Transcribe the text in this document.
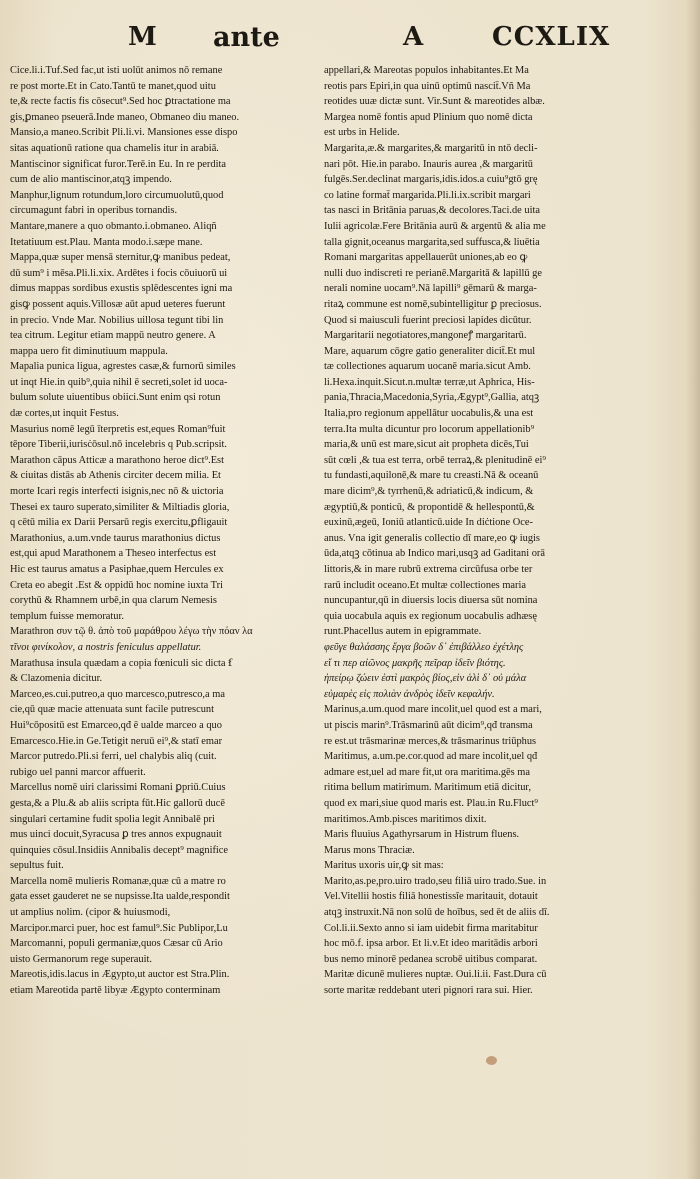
M ante	A	CCXLIX
Cice.li.i.Tuf.Sed fac,ut isti uolūt animos nō remane
re post morte.Et in Cato.Tantū te manet,quod uitu
te,& recte factis fis cōsecut⁹.Sed hoc ꝑtractatione ma
gis,ꝑmaneo pseuerā.Inde maneo, Obmaneo diu maneo.
Mansio,a maneo.Scribit Pli.li.vi. Mansiones esse dispo
sitas aquationū ratione qua chamelis itur in arabiā.
Mantiscinor significat furor.Terē.in Eu. In re perdita
cum de alio mantiscinor,atqꝫ impendo.
Manphur,lignum rotundum,loro circumuolutū,quod
circumagunt fabri in operibus tornandis.
Mantare,manere a quo obmanto.i.obmaneo. Aliqñ
Itetatiuum est.Plau. Manta modo.i.sæpe mane.
Mappa,quæ super mensā sternitur,ꝙ manibus pedeat,
dū sum⁹ i mēsa.Pli.li.xix. Ardētes i focis cōuiuorū ui
dimus mappas sordibus exustis splēdescentes igni ma
gisꝙ possent aquis.Villosæ aūt apud ueteres fuerunt
in precio. Vnde Mar. Nobilius uillosa tegunt tibi lin
tea citrum. Legitur etiam mappū neutro genere. A
mappa uero fit diminutiuum mappula.
Mapalia punica ligua, agrestes casæ,& furnorū similes
ut inqt Hie.in quib⁹,quia nihil ē secreti,solet id uoca-
bulum solute uiuentibus obiici.Sunt enim qsi rotun
dæ cortes,ut inquit Festus.
Masurius nomē legū īterpretis est,eques Roman⁹fuit
tēpore Tiberii,iurisċōsul.nō incelebris q Pub.scripsit.
Marathon cāpus Atticæ a marathono heroe dict⁹.Est
& ciuitas distās ab Athenis circiter decem milia. Et
morte Icari regis interfecti isignis,nec nō & uictoria
Thesei ex tauro superato,similiter & Miltiadis gloria,
q cētū milia ex Darii Persarū regis exercitu,ꝑfligauit
Marathonius, a.um.vnde taurus marathonius dictus
est,qui apud Marathonem a Theseo interfectus est
Hic est taurus amatus a Pasiphae,quem Hercules ex
Creta eo abegit .Est & oppidū hoc nomine iuxta Tri
corythū & Rhamnem urbē,in qua clarum Nemesis
templum fuisse memoratur.
Marathron συν τῷ θ. ἀπὸ τοῦ μαράθρου λέγω τὴν πόαν λα
τῖνοι φινίκολον, a nostris feniculus appellatur.
Marathusa insula quædam a copia fœniculi sic dicta ẜ
& Clazomenia dicitur.
Marceo,es.cui.putreo,a quo marcesco,putresco,a ma
cie,qū quæ macie attenuata sunt facile putrescunt
Hui⁹cōpositū est Emarceo,qđ ē ualde marceo a quo
Emarcesco.Hie.in Ge.Tetigit neruū ei⁹,& statī emar
Marcor putredo.Pli.si ferri, uel chalybis aliq (cuit.
rubigo uel panni marcor affuerit.
Marcellus nomē uiri clarissimi Romani ꝑpriū.Cuius
gesta,& a Plu.& ab aliis scripta fūt.Hic gallorū ducē
singulari certamine fudit spolia legit Annibalē pri
mus uinci docuit,Syracusa ꝑ tres annos expugnauit
quinquies cōsul.Insidiis Annibalis decept⁹ magnifice
sepultus fuit.
Marcella nomē mulieris Romanæ,quæ cū a matre ro
gata esset gauderet ne se nupsisse.Ita ualde,respondit
ut amplius nolim. (cipor & huiusmodi,
Marcipor.marci puer, hoc est famul⁹.Sic Publipor,Lu
Marcomanni, populi germaniæ,quos Cæsar cū Ario
uisto Germanorum rege superauit.
Mareotis,idis.lacus in Ægypto,ut auctor est Stra.Plin.
etiam Mareotida partē libyæ Ægypto conterminam
appellari,& Mareotas populos inhabitantes.Et Ma
reotis pars Epiri,in qua uinū optimū nascit̄.Vñ Ma
reotides uuæ dictæ sunt. Vir.Sunt & mareotides albæ.
Margea nomē fontis apud Plinium quo nomē dicta
est urbs in Helide.
Margarita,æ.& margarites,& margaritū in ntō decli-
nari pōt. Hie.in parabo. Inauris aurea ,& margaritū
fulgēs.Ser.declinat margaris,idis.idos.a cuiu⁹gtō grę
co latine format̄ margarida.Pli.li.ix.scribit margari
tas nasci in Britānia paruas,& decolores.Taci.de uita
Iulii agricolæ.Fere Britānia aurū & argentū & alia me
talla gignit,oceanus margarita,sed suffusca,& liuētia
Romani margaritas appellauerūt uniones,ab eo ꝙ
nulli duo indiscreti re perianē.Margaritā & lapillū ge
nerali nomine uocam⁹.Nā lapilli⁹ gēmarū & marga-
ritaꝝ commune est nomē,subintelligitur ꝑ preciosus.
Quod si maiusculi fuerint preciosi lapides dicūtur.
Margaritarii negotiatores,mangoneꝭ margaritarū.
Mare, aquarum cōgre gatio generaliter dicit̄.Et mul
tæ collectiones aquarum uocanē maria.sicut Amb.
li.Hexa.inquit.Sicut.n.multæ terræ,ut Aphrica, His-
pania,Thracia,Macedonia,Syria,Ægypt⁹,Gallia, atqꝫ
Italia,pro regionum appellātur uocabulis,& una est
terra.Ita multa dicuntur pro locorum appellationib⁹
maria,& unū est mare,sicut ait propheta dicēs,Tui
sūt cœli ,& tua est terra, orbē terraꝝ,& plenitudinē ei⁹
tu fundasti,aquilonē,& mare tu creasti.Nā & oceanū
mare dicim⁹,& tyrrhenū,& adriaticū,& indicum, &
ægyptiū,& ponticū, & propontidē & hellespontū,&
euxinū,ægeū, Ioniū atlanticū.uide In diċtione Oce-
anus. Vna igit generalis collectio dī mare,eo ꝙ iugis
ūda,atqꝫ cōtinua ab Indico mari,usqꝫ ad Gaditani orā
littoris,& in mare rubrū extrema circūfusa orbe ter
rarū includit oceano.Et multæ collectiones maria
nuncupantur,qū in diuersis locis diuersa sūt nomina
quia uocabula aquis ex regionum uocabulis adhæsę
runt.Phacellus autem in epigrammate.
φεῦγε θαλάσσης ἔργα βοῶν δ᾽ ἐπιβάλλεο ἐχέτλης
εἴ τι περ αἰῶνος μακρῆς πεῖραρ ἰδεῖν βιότης.
ἠπείρῳ ζώειν ἐστὶ μακρὸς βίος,εἰν ἁλὶ δ᾽ οὐ μάλα
εὐμαρὲς εἰς πολιὰν ἀνδρὸς ἰδεῖν κεφαλήν.
Marinus,a.um.quod mare incolit,uel quod est a mari,
ut piscis marin⁹.Trāsmarinū aūt dicim⁹,qđ transma
re est.ut trāsmarinæ merces,& trāsmarinus triūphus
Maritimus, a.um.pe.cor.quod ad mare incolit,uel qđ
admare est,uel ad mare fit,ut ora maritima.gēs ma
ritima bellum matirimum. Maritimum etiā dicitur,
quod ex mari,siue quod maris est. Plau.in Ru.Fluct⁹
maritimos.Amb.pisces maritimos dixit.
Maris fluuius Agathyrsarum in Histrum fluens.
Marus mons Thraciæ.
Maritus uxoris uir,ꝙ sit mas:
Marito,as.pe,pro.uiro trado,seu filiā uiro trado.Sue. in
Vel.Vitellii hostis filiā honestissīe maritauit, dotauit
atqꝫ instruxit.Nā non solū de hoībus, sed ēt de aliis dī.
Col.li.ii.Sexto anno si iam uidebit firma maritabitur
hoc mō.f. ipsa arbor. Et li.v.Et ideo maritādis arbori
bus nemo minorē pedanea scrobē uitibus comparat.
Maritæ dicunē mulieres nuptæ. Oui.li.ii. Fast.Dura cū
sorte maritæ reddebant uteri pignori rara sui. Hier.
